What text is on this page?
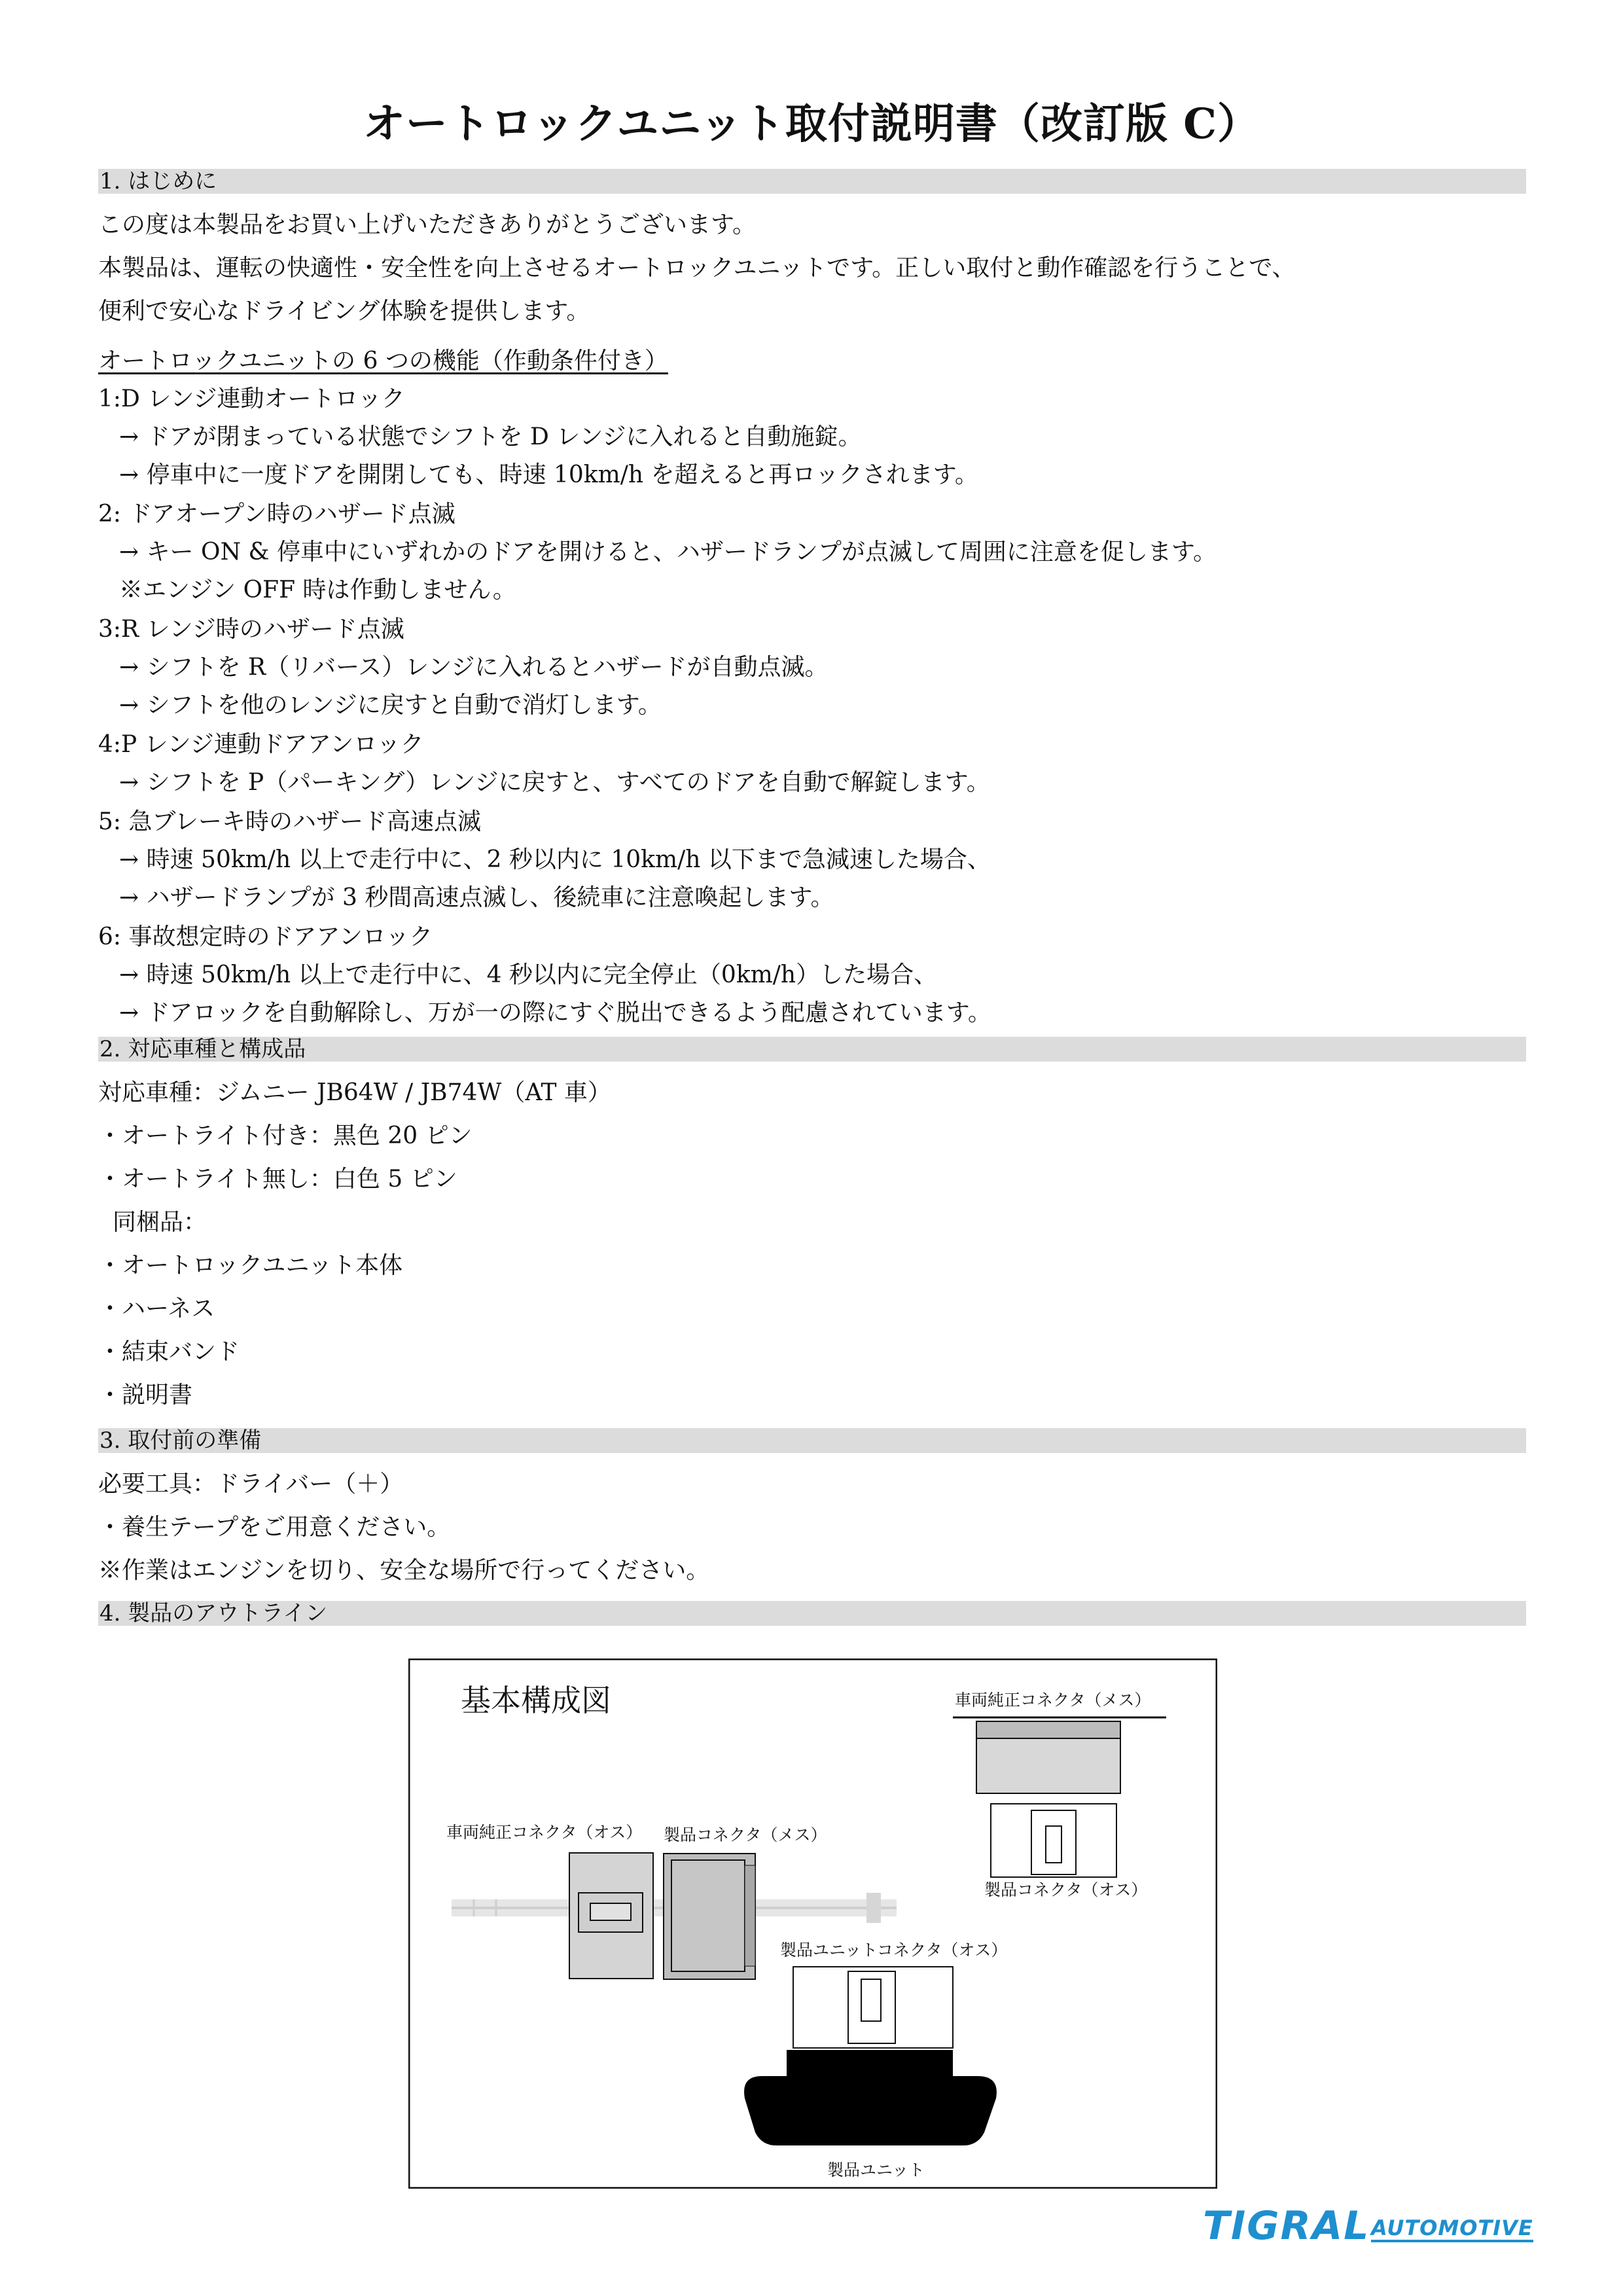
オートロックユニット取付説明書（改訂版 C）
1. はじめに
この度は本製品をお買い上げいただきありがとうございます。
本製品は、運転の快適性・安全性を向上させるオートロックユニットです。正しい取付と動作確認を行うことで、
便利で安心なドライビング体験を提供します。
オートロックユニットの 6 つの機能（作動条件付き）
1:D レンジ連動オートロック
→ ドアが閉まっている状態でシフトを D レンジに入れると自動施錠。
→ 停車中に一度ドアを開閉しても、時速 10km/h を超えると再ロックされます。
2: ドアオープン時のハザード点滅
→ キー ON & 停車中にいずれかのドアを開けると、ハザードランプが点滅して周囲に注意を促します。
※エンジン OFF 時は作動しません。
3:R レンジ時のハザード点滅
→ シフトを R（リバース）レンジに入れるとハザードが自動点滅。
→ シフトを他のレンジに戻すと自動で消灯します。
4:P レンジ連動ドアアンロック
→ シフトを P（パーキング）レンジに戻すと、すべてのドアを自動で解錠します。
5: 急ブレーキ時のハザード高速点滅
→ 時速 50km/h 以上で走行中に、2 秒以内に 10km/h 以下まで急減速した場合、
→ ハザードランプが 3 秒間高速点滅し、後続車に注意喚起します。
6: 事故想定時のドアアンロック
→ 時速 50km/h 以上で走行中に、4 秒以内に完全停止（0km/h）した場合、
→ ドアロックを自動解除し、万が一の際にすぐ脱出できるよう配慮されています。
2. 対応車種と構成品
対応車種：ジムニー JB64W / JB74W（AT 車）
・オートライト付き：黒色 20 ピン
・オートライト無し：白色 5 ピン
同梱品：
・オートロックユニット本体
・ハーネス
・結束バンド
・説明書
3. 取付前の準備
必要工具：ドライバー（＋）
・養生テープをご用意ください。
※作業はエンジンを切り、安全な場所で行ってください。
4. 製品のアウトライン
基本構成図	車両純正コネクタ（メス）
製品コネクタ（オス）
車両純正コネクタ（オス） 製品コネクタ（メス）
製品ユニットコネクタ（オス）
製品ユニット
TIGRAL AUTOMOTIVE
